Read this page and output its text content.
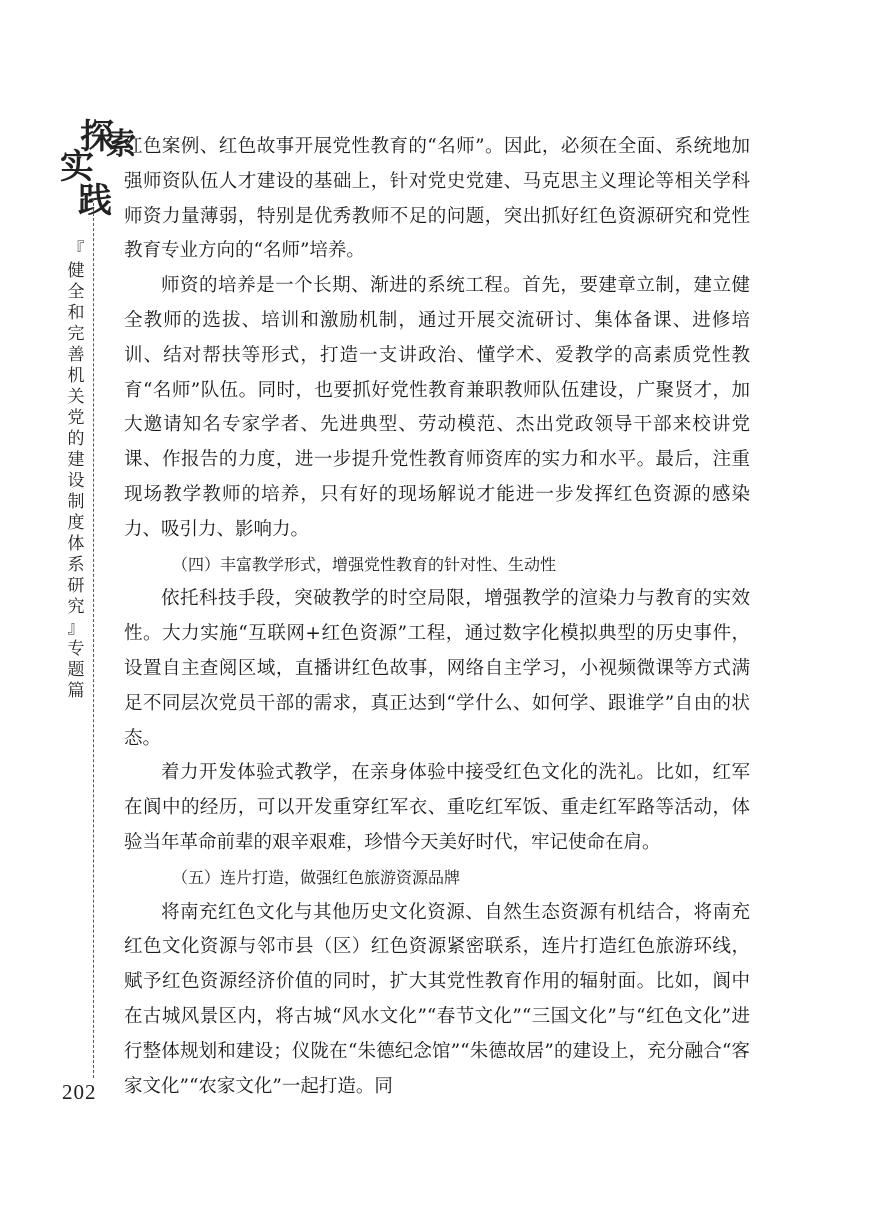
探
索
实
践
『
健
全
和
完
善
机
关
党
的
建
设
制
度
体
系
研
究
』
专
题
篇
202

红色案例、红色故事开展党性教育的“名师”。因此，必须在全面、系统地加强师资队伍人才建设的基础上，针对党史党建、马克思主义理论等相关学科师资力量薄弱，特别是优秀教师不足的问题，突出抓好红色资源研究和党性教育专业方向的“名师”培养。

师资的培养是一个长期、渐进的系统工程。首先，要建章立制，建立健全教师的选拔、培训和激励机制，通过开展交流研讨、集体备课、进修培训、结对帮扶等形式，打造一支讲政治、懂学术、爱教学的高素质党性教育“名师”队伍。同时，也要抓好党性教育兼职教师队伍建设，广聚贤才，加大邀请知名专家学者、先进典型、劳动模范、杰出党政领导干部来校讲党课、作报告的力度，进一步提升党性教育师资库的实力和水平。最后，注重现场教学教师的培养，只有好的现场解说才能进一步发挥红色资源的感染力、吸引力、影响力。

（四）丰富教学形式，增强党性教育的针对性、生动性

依托科技手段，突破教学的时空局限，增强教学的渲染力与教育的实效性。大力实施“互联网+红色资源”工程，通过数字化模拟典型的历史事件，设置自主查阅区域，直播讲红色故事，网络自主学习，小视频微课等方式满足不同层次党员干部的需求，真正达到“学什么、如何学、跟谁学”自由的状态。

着力开发体验式教学，在亲身体验中接受红色文化的洗礼。比如，红军在阆中的经历，可以开发重穿红军衣、重吃红军饭、重走红军路等活动，体验当年革命前辈的艰辛艰难，珍惜今天美好时代，牢记使命在肩。

（五）连片打造，做强红色旅游资源品牌

将南充红色文化与其他历史文化资源、自然生态资源有机结合，将南充红色文化资源与邻市县（区）红色资源紧密联系，连片打造红色旅游环线，赋予红色资源经济价值的同时，扩大其党性教育作用的辐射面。比如，阆中在古城风景区内，将古城“风水文化”“春节文化”“三国文化”与“红色文化”进行整体规划和建设；仪陇在“朱德纪念馆”“朱德故居”的建设上，充分融合“客家文化”“农家文化”一起打造。同
